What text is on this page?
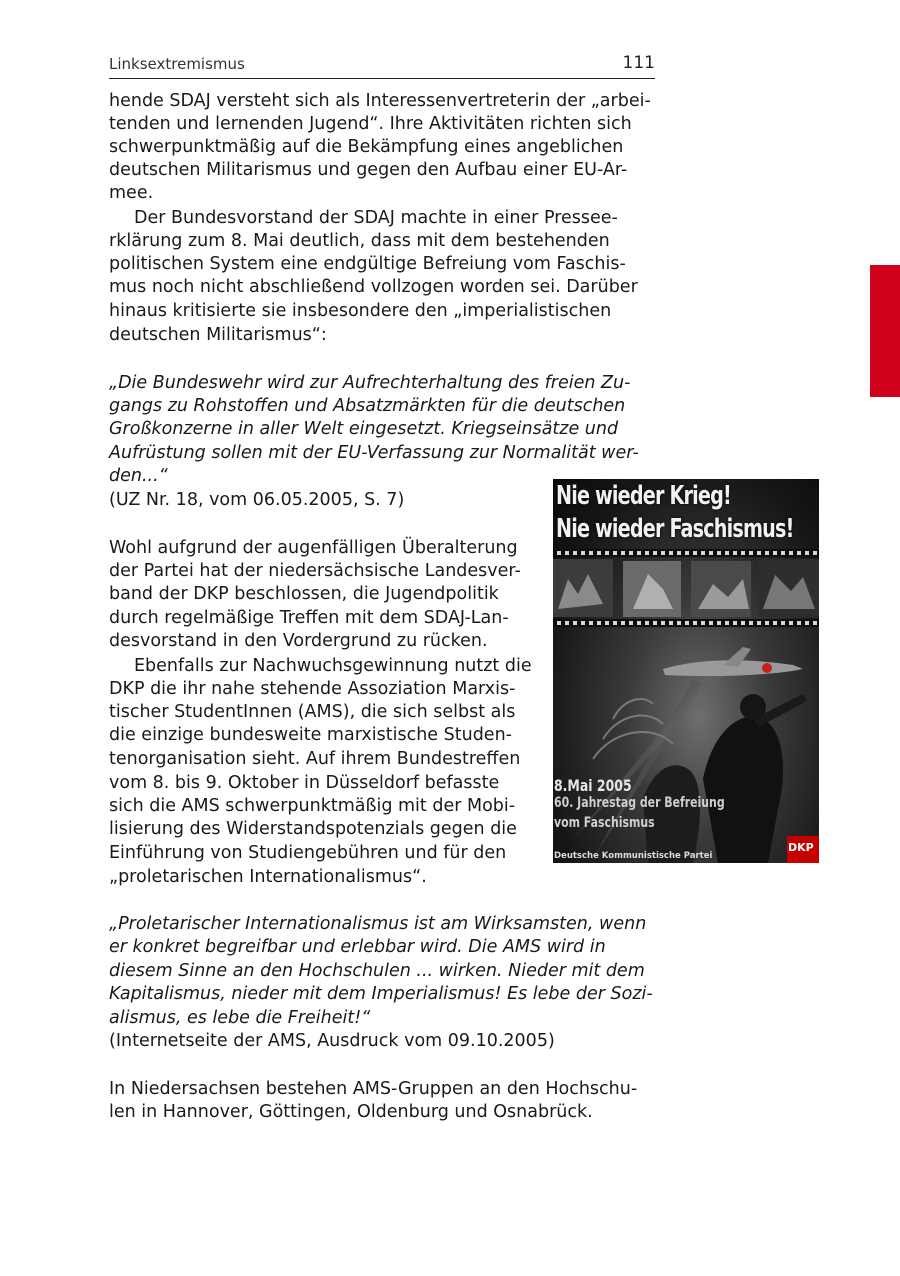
Linksextremismus	111

hende SDAJ versteht sich als Interessenvertreterin der „arbei-

tenden und lernenden Jugend“. Ihre Aktivitäten richten sich

schwerpunktmäßig auf die Bekämpfung eines angeblichen

deutschen Militarismus und gegen den Aufbau einer EU-Ar-

mee.

Der Bundesvorstand der SDAJ machte in einer Pressee-

rklärung zum 8. Mai deutlich, dass mit dem bestehenden

politischen System eine endgültige Befreiung vom Faschis-

mus noch nicht abschließend vollzogen worden sei. Darüber

hinaus kritisierte sie insbesondere den „imperialistischen

deutschen Militarismus“:

„Die Bundeswehr wird zur Aufrechterhaltung des freien Zu-

gangs zu Rohstoffen und Absatzmärkten für die deutschen

Großkonzerne in aller Welt eingesetzt. Kriegseinsätze und

Aufrüstung sollen mit der EU-Verfassung zur Normalität wer-

den...“

(UZ Nr. 18, vom 06.05.2005, S. 7)

Wohl aufgrund der augenfälligen Überalterung

der Partei hat der niedersächsische Landesver-

band der DKP beschlossen, die Jugendpolitik

durch regelmäßige Treffen mit dem SDAJ-Lan-

desvorstand in den Vordergrund zu rücken.

Ebenfalls zur Nachwuchsgewinnung nutzt die

DKP die ihr nahe stehende Assoziation Marxis-

tischer StudentInnen (AMS), die sich selbst als

die einzige bundesweite marxistische Studen-

tenorganisation sieht. Auf ihrem Bundestreffen

vom 8. bis 9. Oktober in Düsseldorf befasste

sich die AMS schwerpunktmäßig mit der Mobi-

lisierung des Widerstandspotenzials gegen die

Einführung von Studiengebühren und für den

„proletarischen Internationalismus“.

„Proletarischer Internationalismus ist am Wirksamsten, wenn

er konkret begreifbar und erlebbar wird. Die AMS wird in

diesem Sinne an den Hochschulen ... wirken. Nieder mit dem

Kapitalismus, nieder mit dem Imperialismus! Es lebe der Sozi-

alismus, es lebe die Freiheit!“

(Internetseite der AMS, Ausdruck vom 09.10.2005)

In Niedersachsen bestehen AMS-Gruppen an den Hochschu-

len in Hannover, Göttingen, Oldenburg und Osnabrück.

Nie wieder Krieg!
Nie wieder Faschismus!
8.Mai 2005
60. Jahrestag der Befreiung
vom Faschismus
Deutsche Kommunistische Partei
DKP
